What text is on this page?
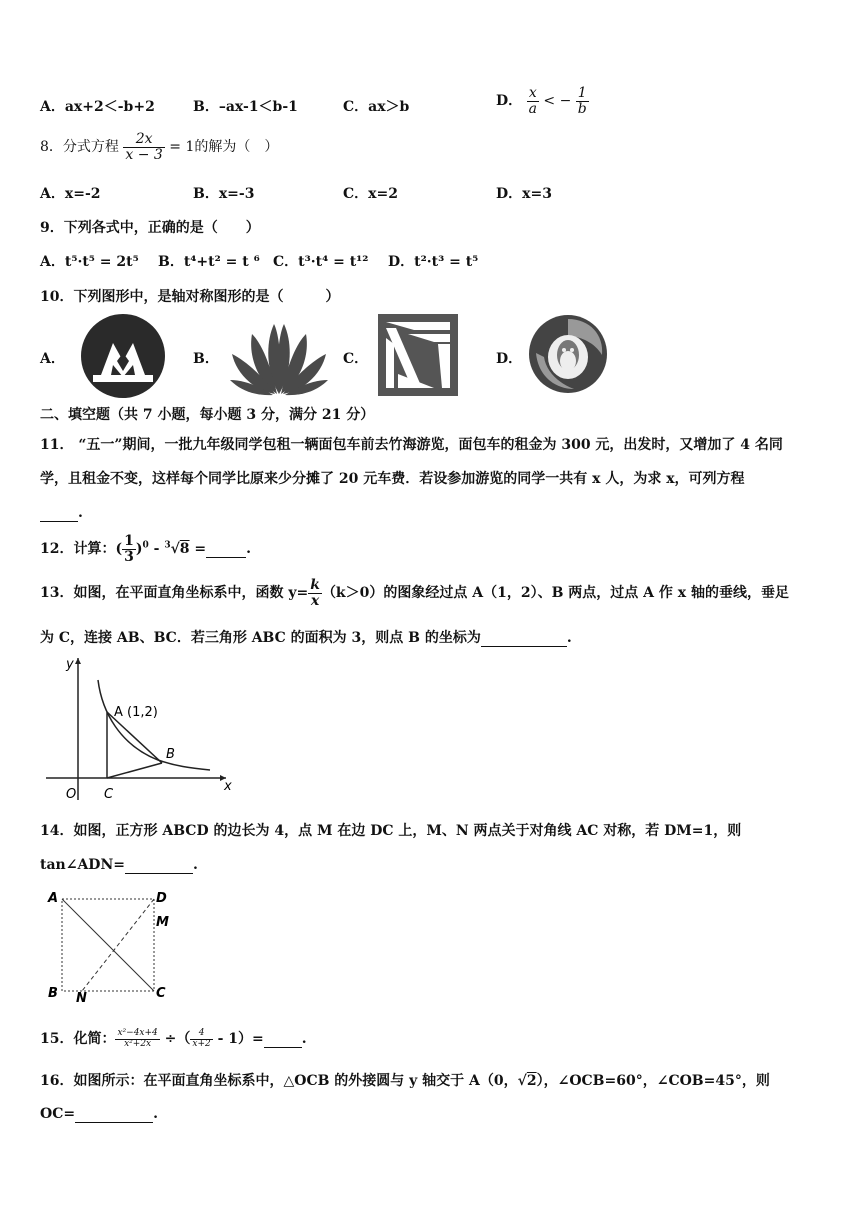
A．ax+2＜-b+2	B．–ax-1＜b-1	C．ax＞b	D． $\frac{x}{a}$ < − $\frac{1}{b}$
8．分式方程 $\frac{2x}{x - 3} = 1$的解为（　）
A．x=-2	B．x=-3	C．x=2	D．x=3
9．下列各式中，正确的是（　　）
A．t⁵·t⁵ = 2t⁵ B．t⁴+t² = t ⁶ C．t³·t⁴ = t¹² D．t²·t³ = t⁵
10．下列图形中，是轴对称图形的是（　　　）
A．	B．	C．	D．
二、填空题（共 7 小题，每小题 3 分，满分 21 分）
11． “五一”期间，一批九年级同学包租一辆面包车前去竹海游览，面包车的租金为 300 元，出发时，又增加了 4 名同
学，且租金不变，这样每个同学比原来少分摊了 20 元车费．若设参加游览的同学一共有 x 人，为求 x，可列方程
.
12．计算：( $\frac{1}{3} )^0 - ^3√8$ =	.
13．如图，在平面直角坐标系中，函数 $y= \frac{k}{x} (k>0)$的图象经过点 A（1，2）、B 两点，过点 A 作 x 轴的垂线，垂足
为 C，连接 AB、BC．若三角形 ABC 的面积为 3，则点 B 的坐标为	.
y
x
O C
A (1,2)
B
14．如图，正方形 ABCD 的边长为 4，点 M 在边 DC 上，M、N 两点关于对角线 AC 对称，若 DM=1，则
tan∠ADN=	.
A	D
M
B	C
N
15．化简： $\frac{\text{x²−4x+4}}{\text{x²+2x}}$ ÷（ $\frac{4}{x+2} - 1)=$	.
16．如图所示：在平面直角坐标系中，△OCB 的外接圆与 y 轴交于 A（0，√2），∠OCB=60°，∠COB=45°，则
OC=	.
